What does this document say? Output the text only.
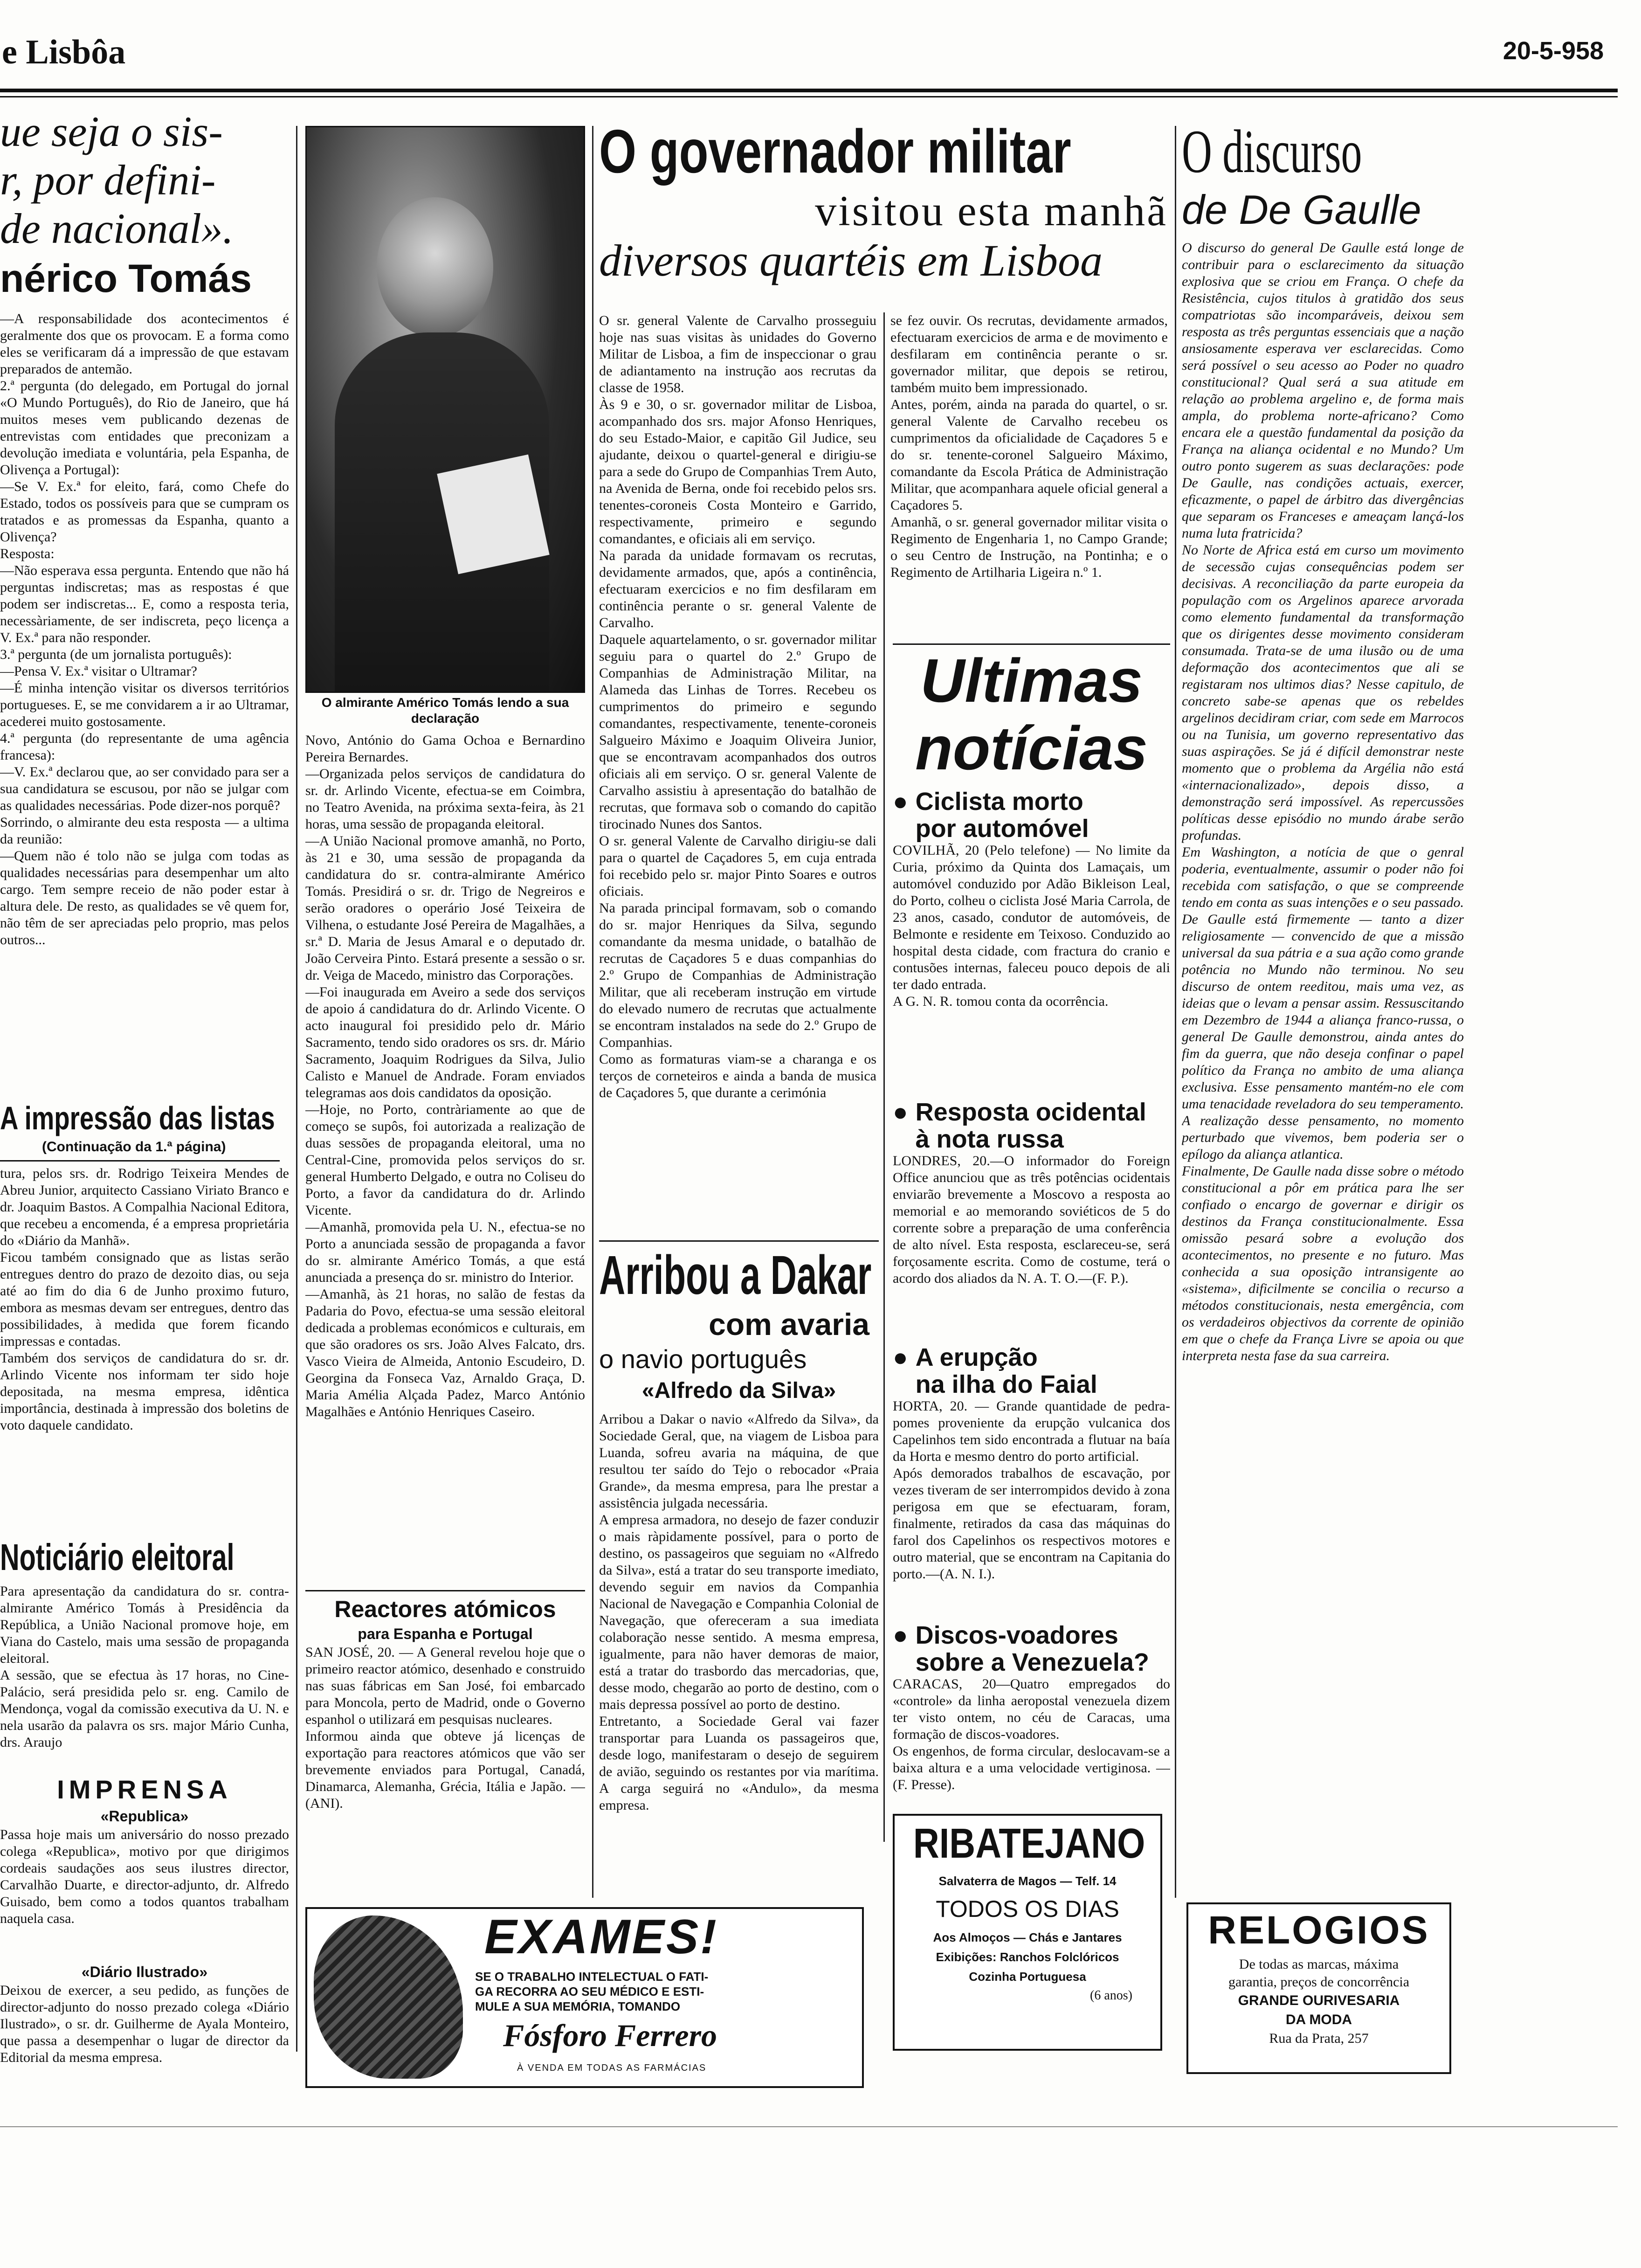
e Lisbôa	20-5-958
ue seja o sis-
r, por defini-
de nacional».
nérico Tomás
—A responsabilidade dos acontecimentos é geralmente dos que os provocam. E a forma como eles se verificaram dá a impressão de que estavam preparados de antemão.
2.ª pergunta (do delegado, em Portugal do jornal «O Mundo Português), do Rio de Janeiro, que há muitos meses vem publicando dezenas de entrevistas com entidades que preconizam a devolução imediata e voluntária, pela Espanha, de Olivença a Portugal):
—Se V. Ex.ª for eleito, fará, como Chefe do Estado, todos os possíveis para que se cumpram os tratados e as promessas da Espanha, quanto a Olivença?
Resposta:
—Não esperava essa pergunta. Entendo que não há perguntas indiscretas; mas as respostas é que podem ser indiscretas... E, como a resposta teria, necessàriamente, de ser indiscreta, peço licença a V. Ex.ª para não responder.
3.ª pergunta (de um jornalista português):
—Pensa V. Ex.ª visitar o Ultramar?
—É minha intenção visitar os diversos territórios portugueses. E, se me convidarem a ir ao Ultramar, acederei muito gostosamente.
4.ª pergunta (do representante de uma agência francesa):
—V. Ex.ª declarou que, ao ser convidado para ser a sua candidatura se escusou, por não se julgar com as qualidades necessárias. Pode dizer-nos porquê?
Sorrindo, o almirante deu esta resposta — a ultima da reunião:
—Quem não é tolo não se julga com todas as qualidades necessárias para desempenhar um alto cargo. Tem sempre receio de não poder estar à altura dele. De resto, as qualidades se vê quem for, não têm de ser apreciadas pelo proprio, mas pelos outros...
A impressão das listas
(Continuação da 1.ª página)
tura, pelos srs. dr. Rodrigo Teixeira Mendes de Abreu Junior, arquitecto Cassiano Viriato Branco e dr. Joaquim Bastos. A Compalhia Nacional Editora, que recebeu a encomenda, é a empresa proprietária do «Diário da Manhã».
Ficou também consignado que as listas serão entregues dentro do prazo de dezoito dias, ou seja até ao fim do dia 6 de Junho proximo futuro, embora as mesmas devam ser entregues, dentro das possibilidades, à medida que forem ficando impressas e contadas.
Também dos serviços de candidatura do sr. dr. Arlindo Vicente nos informam ter sido hoje depositada, na mesma empresa, idêntica importância, destinada à impressão dos boletins de voto daquele candidato.
Noticiário eleitoral
Para apresentação da candidatura do sr. contra-almirante Américo Tomás à Presidência da República, a União Nacional promove hoje, em Viana do Castelo, mais uma sessão de propaganda eleitoral.
A sessão, que se efectua às 17 horas, no Cine-Palácio, será presidida pelo sr. eng. Camilo de Mendonça, vogal da comissão executiva da U. N. e nela usarão da palavra os srs. major Mário Cunha, drs. Araujo
IMPRENSA
«Republica»
Passa hoje mais um aniversário do nosso prezado colega «Republica», motivo por que dirigimos cordeais saudações aos seus ilustres director, Carvalhão Duarte, e director-adjunto, dr. Alfredo Guisado, bem como a todos quantos trabalham naquela casa.
«Diário Ilustrado»
Deixou de exercer, a seu pedido, as funções de director-adjunto do nosso prezado colega «Diário Ilustrado», o sr. dr. Guilherme de Ayala Monteiro, que passa a desempenhar o lugar de director da Editorial da mesma empresa.
O almirante Américo Tomás lendo a sua declaração
Novo, António do Gama Ochoa e Bernardino Pereira Bernardes.
—Organizada pelos serviços de candidatura do sr. dr. Arlindo Vicente, efectua-se em Coimbra, no Teatro Avenida, na próxima sexta-feira, às 21 horas, uma sessão de propaganda eleitoral.
—A União Nacional promove amanhã, no Porto, às 21 e 30, uma sessão de propaganda da candidatura do sr. contra-almirante Américo Tomás. Presidirá o sr. dr. Trigo de Negreiros e serão oradores o operário José Teixeira de Vilhena, o estudante José Pereira de Magalhães, a sr.ª D. Maria de Jesus Amaral e o deputado dr. João Cerveira Pinto. Estará presente a sessão o sr. dr. Veiga de Macedo, ministro das Corporações.
—Foi inaugurada em Aveiro a sede dos serviços de apoio á candidatura do dr. Arlindo Vicente. O acto inaugural foi presidido pelo dr. Mário Sacramento, tendo sido oradores os srs. dr. Mário Sacramento, Joaquim Rodrigues da Silva, Julio Calisto e Manuel de Andrade. Foram enviados telegramas aos dois candidatos da oposição.
—Hoje, no Porto, contràriamente ao que de começo se supôs, foi autorizada a realização de duas sessões de propaganda eleitoral, uma no Central-Cine, promovida pelos serviços do sr. general Humberto Delgado, e outra no Coliseu do Porto, a favor da candidatura do dr. Arlindo Vicente.
—Amanhã, promovida pela U. N., efectua-se no Porto a anunciada sessão de propaganda a favor do sr. almirante Américo Tomás, a que está anunciada a presença do sr. ministro do Interior.
—Amanhã, às 21 horas, no salão de festas da Padaria do Povo, efectua-se uma sessão eleitoral dedicada a problemas económicos e culturais, em que são oradores os srs. João Alves Falcato, drs. Vasco Vieira de Almeida, Antonio Escudeiro, D. Georgina da Fonseca Vaz, Arnaldo Graça, D. Maria Amélia Alçada Padez, Marco António Magalhães e António Henriques Caseiro.
Reactores atómicos
para Espanha e Portugal
SAN JOSÉ, 20. — A General revelou hoje que o primeiro reactor atómico, desenhado e construido nas suas fábricas em San José, foi embarcado para Moncola, perto de Madrid, onde o Governo espanhol o utilizará em pesquisas nucleares.
Informou ainda que obteve já licenças de exportação para reactores atómicos que vão ser brevemente enviados para Portugal, Canadá, Dinamarca, Alemanha, Grécia, Itália e Japão. — (ANI).
O governador militar
visitou esta manhã
diversos quartéis em Lisboa
O sr. general Valente de Carvalho prosseguiu hoje nas suas visitas às unidades do Governo Militar de Lisboa, a fim de inspeccionar o grau de adiantamento na instrução aos recrutas da classe de 1958.
Às 9 e 30, o sr. governador militar de Lisboa, acompanhado dos srs. major Afonso Henriques, do seu Estado-Maior, e capitão Gil Judice, seu ajudante, deixou o quartel-general e dirigiu-se para a sede do Grupo de Companhias Trem Auto, na Avenida de Berna, onde foi recebido pelos srs. tenentes-coroneis Costa Monteiro e Garrido, respectivamente, primeiro e segundo comandantes, e oficiais ali em serviço.
Na parada da unidade formavam os recrutas, devidamente armados, que, após a continência, efectuaram exercicios e no fim desfilaram em continência perante o sr. general Valente de Carvalho.
Daquele aquartelamento, o sr. governador militar seguiu para o quartel do 2.º Grupo de Companhias de Administração Militar, na Alameda das Linhas de Torres. Recebeu os cumprimentos do primeiro e segundo comandantes, respectivamente, tenente-coroneis Salgueiro Máximo e Joaquim Oliveira Junior, que se encontravam acompanhados dos outros oficiais ali em serviço. O sr. general Valente de Carvalho assistiu à apresentação do batalhão de recrutas, que formava sob o comando do capitão tirocinado Nunes dos Santos.
O sr. general Valente de Carvalho dirigiu-se dali para o quartel de Caçadores 5, em cuja entrada foi recebido pelo sr. major Pinto Soares e outros oficiais.
Na parada principal formavam, sob o comando do sr. major Henriques da Silva, segundo comandante da mesma unidade, o batalhão de recrutas de Caçadores 5 e duas companhias do 2.º Grupo de Companhias de Administração Militar, que ali receberam instrução em virtude do elevado numero de recrutas que actualmente se encontram instalados na sede do 2.º Grupo de Companhias.
Como as formaturas viam-se a charanga e os terços de corneteiros e ainda a banda de musica de Caçadores 5, que durante a cerimónia
se fez ouvir. Os recrutas, devidamente armados, efectuaram exercicios de arma e de movimento e desfilaram em continência perante o sr. governador militar, que depois se retirou, também muito bem impressionado.
Antes, porém, ainda na parada do quartel, o sr. general Valente de Carvalho recebeu os cumprimentos da oficialidade de Caçadores 5 e do sr. tenente-coronel Salgueiro Máximo, comandante da Escola Prática de Administração Militar, que acompanhara aquele oficial general a Caçadores 5.
Amanhã, o sr. general governador militar visita o Regimento de Engenharia 1, no Campo Grande; o seu Centro de Instrução, na Pontinha; e o Regimento de Artilharia Ligeira n.º 1.
Arribou a Dakar
com avaria
o navio português
«Alfredo da Silva»
Arribou a Dakar o navio «Alfredo da Silva», da Sociedade Geral, que, na viagem de Lisboa para Luanda, sofreu avaria na máquina, de que resultou ter saído do Tejo o rebocador «Praia Grande», da mesma empresa, para lhe prestar a assistência julgada necessária.
A empresa armadora, no desejo de fazer conduzir o mais ràpidamente possível, para o porto de destino, os passageiros que seguiam no «Alfredo da Silva», está a tratar do seu transporte imediato, devendo seguir em navios da Companhia Nacional de Navegação e Companhia Colonial de Navegação, que ofereceram a sua imediata colaboração nesse sentido. A mesma empresa, igualmente, para não haver demoras de maior, está a tratar do trasbordo das mercadorias, que, desse modo, chegarão ao porto de destino, com o mais depressa possível ao porto de destino.
Entretanto, a Sociedade Geral vai fazer transportar para Luanda os passageiros que, desde logo, manifestaram o desejo de seguirem de avião, seguindo os restantes por via marítima. A carga seguirá no «Andulo», da mesma empresa.
Ultimas
notícias
● Ciclista morto
por automóvel
COVILHÃ, 20 (Pelo telefone) — No limite da Curia, próximo da Quinta dos Lamaçais, um automóvel conduzido por Adão Bikleison Leal, do Porto, colheu o ciclista José Maria Carrola, de 23 anos, casado, condutor de automóveis, de Belmonte e residente em Teixoso. Conduzido ao hospital desta cidade, com fractura do cranio e contusões internas, faleceu pouco depois de ali ter dado entrada.
A G. N. R. tomou conta da ocorrência.
● Resposta ocidental
à nota russa
LONDRES, 20.—O informador do Foreign Office anunciou que as três potências ocidentais enviarão brevemente a Moscovo a resposta ao memorial e ao memorando soviéticos de 5 do corrente sobre a preparação de uma conferência de alto nível. Esta resposta, esclareceu-se, será forçosamente escrita. Como de costume, terá o acordo dos aliados da N. A. T. O.—(F. P.).
● A erupção
na ilha do Faial
HORTA, 20. — Grande quantidade de pedra-pomes proveniente da erupção vulcanica dos Capelinhos tem sido encontrada a flutuar na baía da Horta e mesmo dentro do porto artificial.
Após demorados trabalhos de escavação, por vezes tiveram de ser interrompidos devido à zona perigosa em que se efectuaram, foram, finalmente, retirados da casa das máquinas do farol dos Capelinhos os respectivos motores e outro material, que se encontram na Capitania do porto.—(A. N. I.).
● Discos-voadores
sobre a Venezuela?
CARACAS, 20—Quatro empregados do «controle» da linha aeropostal venezuela dizem ter visto ontem, no céu de Caracas, uma formação de discos-voadores.
Os engenhos, de forma circular, deslocavam-se a baixa altura e a uma velocidade vertiginosa. — (F. Presse).
O discurso
de De Gaulle
O discurso do general De Gaulle está longe de contribuir para o esclarecimento da situação explosiva que se criou em França. O chefe da Resistência, cujos titulos à gratidão dos seus compatriotas são incomparáveis, deixou sem resposta as três perguntas essenciais que a nação ansiosamente esperava ver esclarecidas. Como será possível o seu acesso ao Poder no quadro constitucional? Qual será a sua atitude em relação ao problema argelino e, de forma mais ampla, do problema norte-africano? Como encara ele a questão fundamental da posição da França na aliança ocidental e no Mundo? Um outro ponto sugerem as suas declarações: pode De Gaulle, nas condições actuais, exercer, eficazmente, o papel de árbitro das divergências que separam os Franceses e ameaçam lançá-los numa luta fratricida?
No Norte de Africa está em curso um movimento de secessão cujas consequências podem ser decisivas. A reconciliação da parte europeia da população com os Argelinos aparece arvorada como elemento fundamental da transformação que os dirigentes desse movimento consideram consumada. Trata-se de uma ilusão ou de uma deformação dos acontecimentos que ali se registaram nos ultimos dias? Nesse capitulo, de concreto sabe-se apenas que os rebeldes argelinos decidiram criar, com sede em Marrocos ou na Tunisia, um governo representativo das suas aspirações. Se já é difícil demonstrar neste momento que o problema da Argélia não está «internacionalizado», depois disso, a demonstração será impossível. As repercussões políticas desse episódio no mundo árabe serão profundas.
Em Washington, a notícia de que o genral poderia, eventualmente, assumir o poder não foi recebida com satisfação, o que se compreende tendo em conta as suas intenções e o seu passado. De Gaulle está firmemente — tanto a dizer religiosamente — convencido de que a missão universal da sua pátria e a sua ação como grande potência no Mundo não terminou. No seu discurso de ontem reeditou, mais uma vez, as ideias que o levam a pensar assim. Ressuscitando em Dezembro de 1944 a aliança franco-russa, o general De Gaulle demonstrou, ainda antes do fim da guerra, que não deseja confinar o papel político da França no ambito de uma aliança exclusiva. Esse pensamento mantém-no ele com uma tenacidade reveladora do seu temperamento. A realização desse pensamento, no momento perturbado que vivemos, bem poderia ser o epílogo da aliança atlantica.
Finalmente, De Gaulle nada disse sobre o método constitucional a pôr em prática para lhe ser confiado o encargo de governar e dirigir os destinos da França constitucionalmente. Essa omissão pesará sobre a evolução dos acontecimentos, no presente e no futuro. Mas conhecida a sua oposição intransigente ao «sistema», dificilmente se concilia o recurso a métodos constitucionais, nesta emergência, com os verdadeiros objectivos da corrente de opinião em que o chefe da França Livre se apoia ou que interpreta nesta fase da sua carreira.
EXAMES!
SE O TRABALHO INTELECTUAL O FATI-
GA RECORRA AO SEU MÉDICO E ESTI-
MULE A SUA MEMÓRIA, TOMANDO
Fósforo Ferrero
À VENDA EM TODAS AS FARMÁCIAS
RIBATEJANO
Salvaterra de Magos — Telf. 14
TODOS OS DIAS
Aos Almoços — Chás e Jantares
Exibições: Ranchos Folclóricos
Cozinha Portuguesa
(6 anos)
RELOGIOS
De todas as marcas, máxima
garantia, preços de concorrência
GRANDE OURIVESARIA
DA MODA
Rua da Prata, 257
